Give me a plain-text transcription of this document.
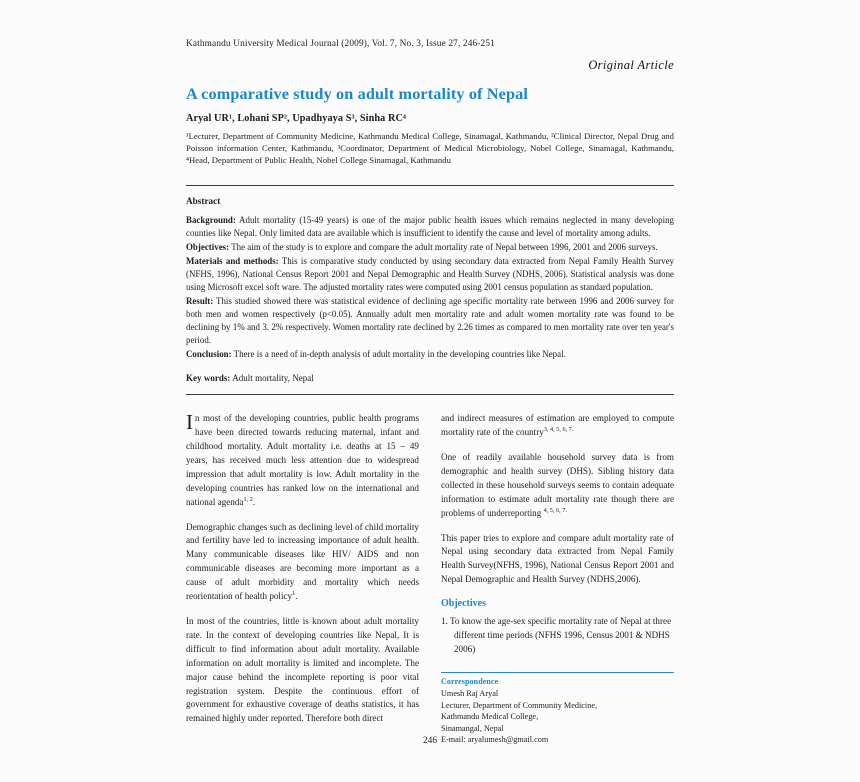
Kathmandu University Medical Journal (2009), Vol. 7, No. 3, Issue 27, 246-251
Original Article
A comparative study on adult mortality of Nepal
Aryal UR¹, Lohani SP², Upadhyaya S³, Sinha RC⁴
¹Lecturer, Department of Community Medicine, Kathmandu Medical College, Sinamagal, Kathmandu, ²Clinical Director, Nepal Drug and Poisson information Center, Kathmandu, ³Coordinator, Department of Medical Microbiology, Nobel College, Sinamagal, Kathmandu, ⁴Head, Department of Public Health, Nobel College Sinamagal, Kathmandu
Abstract

Background: Adult mortality (15-49 years) is one of the major public health issues which remains neglected in many developing counties like Nepal. Only limited data are available which is insufficient to identify the cause and level of mortality among adults.

Objectives: The aim of the study is to explore and compare the adult mortality rate of Nepal between 1996, 2001 and 2006 surveys.

Materials and methods: This is comparative study conducted by using secondary data extracted from Nepal Family Health Survey (NFHS, 1996), National Census Report 2001 and Nepal Demographic and Health Survey (NDHS, 2006). Statistical analysis was done using Microsoft excel soft ware. The adjusted mortality rates were computed using 2001 census population as standard population.

Result: This studied showed there was statistical evidence of declining age specific mortality rate between 1996 and 2006 survey for both men and women respectively (p<0.05). Annually adult men mortality rate and adult women mortality rate was found to be declining by 1% and 3. 2% respectively. Women mortality rate declined by 2.26 times as compared to men mortality rate over ten year's period.

Conclusion: There is a need of in-depth analysis of adult mortality in the developing countries like Nepal.

Key words: Adult mortality, Nepal

In most of the developing countries, public health programs have been directed towards reducing maternal, infant and childhood mortality. Adult mortality i.e. deaths at 15 – 49 years, has received much less attention due to widespread impression that adult mortality is low. Adult mortality in the developing countries has ranked low on the international and national agenda$^{1, 2}$.

Demographic changes such as declining level of child mortality and fertility have led to increasing importance of adult health. Many communicable diseases like HIV/ AIDS and non communicable diseases are becoming more important as a cause of adult morbidity and mortality which needs reorientation of health policy$^1$.

In most of the countries, little is known about adult mortality rate. In the context of developing countries like Nepal, It is difficult to find information about adult mortality. Available information on adult mortality is limited and incomplete. The major cause behind the incomplete reporting is poor vital registration system. Despite the continuous effort of government for exhaustive coverage of deaths statistics, it has remained highly under reported. Therefore both direct

and indirect measures of estimation are employed to compute mortality rate of the country$^{3, 4, 5, 6, 7.}$

One of readily available household survey data is from demographic and health survey (DHS). Sibling history data collected in these household surveys seems to contain adequate information to estimate adult mortality rate though there are problems of underreporting $^{4, 5, 6, 7.}$

This paper tries to explore and compare adult mortality rate of Nepal using secondary data extracted from Nepal Family Health Survey(NFHS, 1996), National Census Report 2001 and Nepal Demographic and Health Survey (NDHS,2006).

Objectives

1. To know the age-sex specific mortality rate of Nepal at three different time periods (NFHS 1996, Census 2001 & NDHS 2006)

Correspondence
Umesh Raj Aryal
Lecturer, Department of Community Medicine,
Kathmandu Medical College,
Sinamangal, Nepal
E-mail: aryalumesh@gmail.com
246
